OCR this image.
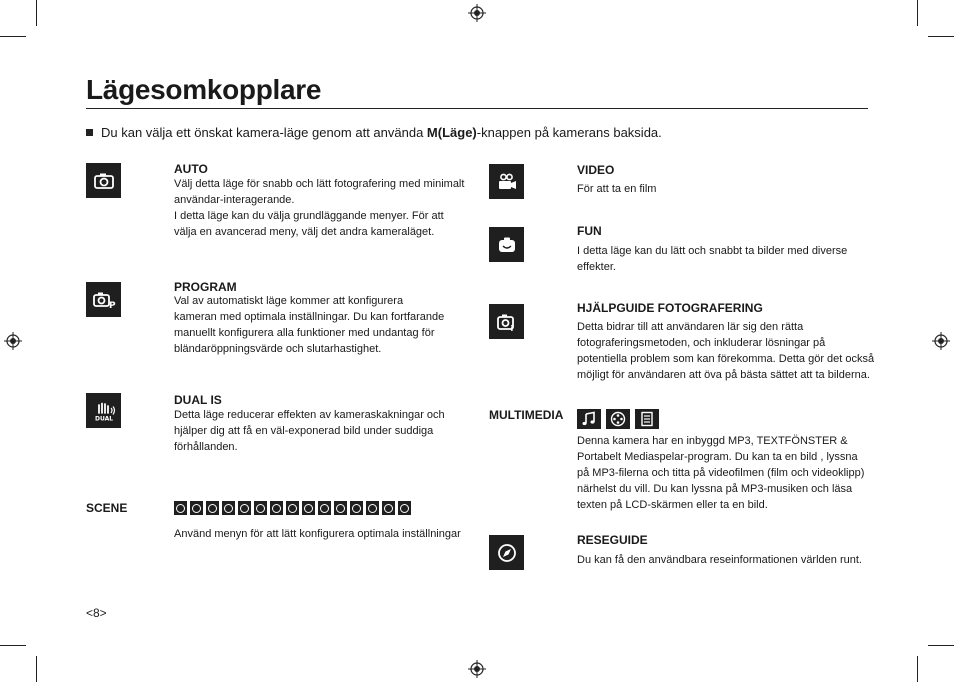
Lägesomkopplare
Du kan välja ett önskat kamera-läge genom att använda M(Läge)-knappen på kamerans baksida.
AUTO
Välj detta läge för snabb och lätt fotografering med minimalt
användar-interagerande.
I detta läge kan du välja grundläggande menyer. För att
välja en avancerad meny, välj det andra kameraläget.
P
PROGRAM
Val av automatiskt läge kommer att konfigurera
kameran med optimala inställningar. Du kan fortfarande
manuellt konfigurera alla funktioner med undantag för
bländaröppningsvärde och slutarhastighet.
DUAL
DUAL IS
Detta läge reducerar effekten av kameraskakningar och
hjälper dig att få en väl-exponerad bild under suddiga
förhållanden.
SCENE
Använd menyn för att lätt konfigurera optimala inställningar
VIDEO
För att ta en film
FUN
I detta läge kan du lätt och snabbt ta bilder med diverse
effekter.
i
HJÄLPGUIDE FOTOGRAFERING
Detta bidrar till att användaren lär sig den rätta
fotograferingsmetoden, och inkluderar lösningar på
potentiella problem som kan förekomma. Detta gör det också
möjligt för användaren att öva på bästa sättet att ta bilderna.
MULTIMEDIA
Denna kamera har en inbyggd MP3, TEXTFÖNSTER &
Portabelt Mediaspelar-program. Du kan ta en bild , lyssna
på MP3-filerna och titta på videofilmen (film och videoklipp)
närhelst du vill. Du kan lyssna på MP3-musiken och läsa
texten på LCD-skärmen eller ta en bild.
RESEGUIDE
Du kan få den användbara reseinformationen världen runt.
<8>
